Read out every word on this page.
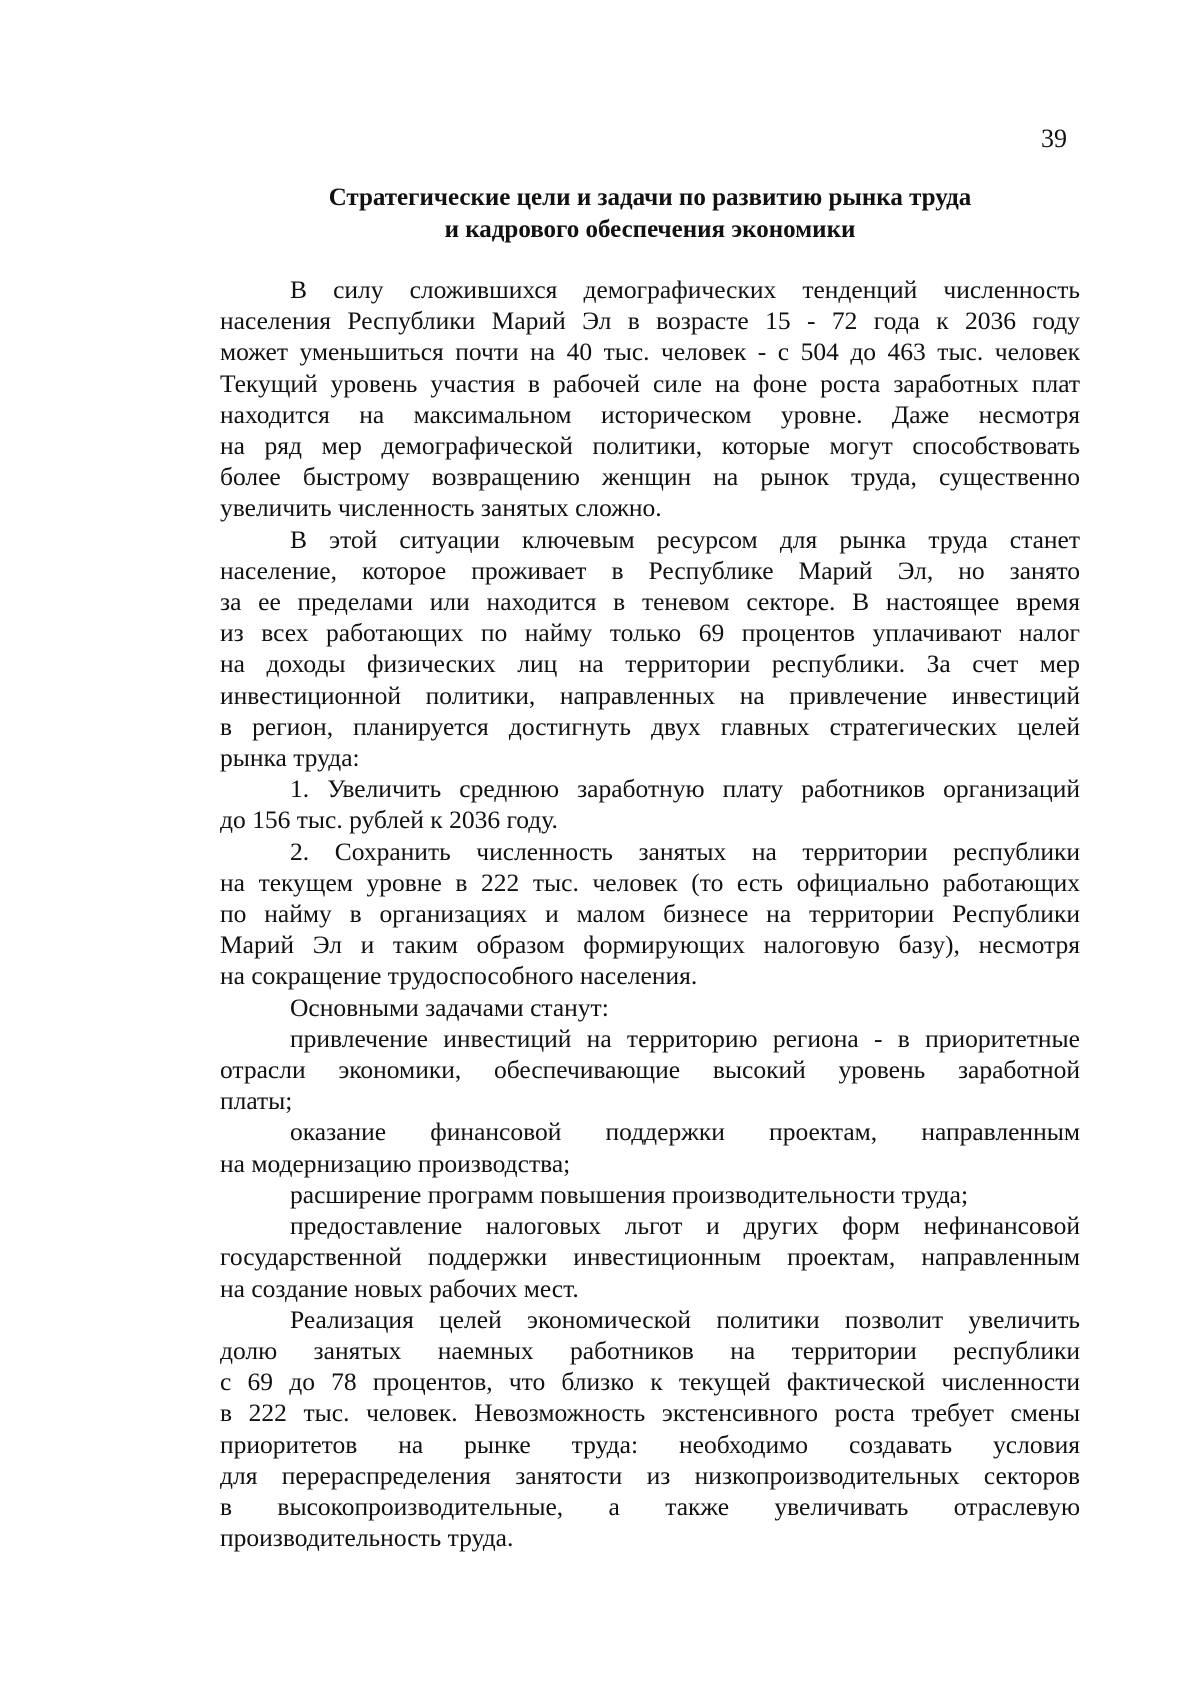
39
Стратегические цели и задачи по развитию рынка труда
и кадрового обеспечения экономики
В силу сложившихся демографических тенденций численность
населения Республики Марий Эл в возрасте 15 - 72 года к 2036 году
может уменьшиться почти на 40 тыс. человек - с 504 до 463 тыс. человек
Текущий уровень участия в рабочей силе на фоне роста заработных плат
находится на максимальном историческом уровне. Даже несмотря
на ряд мер демографической политики, которые могут способствовать
более быстрому возвращению женщин на рынок труда, существенно
увеличить численность занятых сложно.
В этой ситуации ключевым ресурсом для рынка труда станет
население, которое проживает в Республике Марий Эл, но занято
за ее пределами или находится в теневом секторе. В настоящее время
из всех работающих по найму только 69 процентов уплачивают налог
на доходы физических лиц на территории республики. За счет мер
инвестиционной политики, направленных на привлечение инвестиций
в регион, планируется достигнуть двух главных стратегических целей
рынка труда:
1. Увеличить среднюю заработную плату работников организаций
до 156 тыс. рублей к 2036 году.
2. Сохранить численность занятых на территории республики
на текущем уровне в 222 тыс. человек (то есть официально работающих
по найму в организациях и малом бизнесе на территории Республики
Марий Эл и таким образом формирующих налоговую базу), несмотря
на сокращение трудоспособного населения.
Основными задачами станут:
привлечение инвестиций на территорию региона - в приоритетные
отрасли экономики, обеспечивающие высокий уровень заработной
платы;
оказание финансовой поддержки проектам, направленным
на модернизацию производства;
расширение программ повышения производительности труда;
предоставление налоговых льгот и других форм нефинансовой
государственной поддержки инвестиционным проектам, направленным
на создание новых рабочих мест.
Реализация целей экономической политики позволит увеличить
долю занятых наемных работников на территории республики
с 69 до 78 процентов, что близко к текущей фактической численности
в 222 тыс. человек. Невозможность экстенсивного роста требует смены
приоритетов на рынке труда: необходимо создавать условия
для перераспределения занятости из низкопроизводительных секторов
в высокопроизводительные, а также увеличивать отраслевую
производительность труда.
